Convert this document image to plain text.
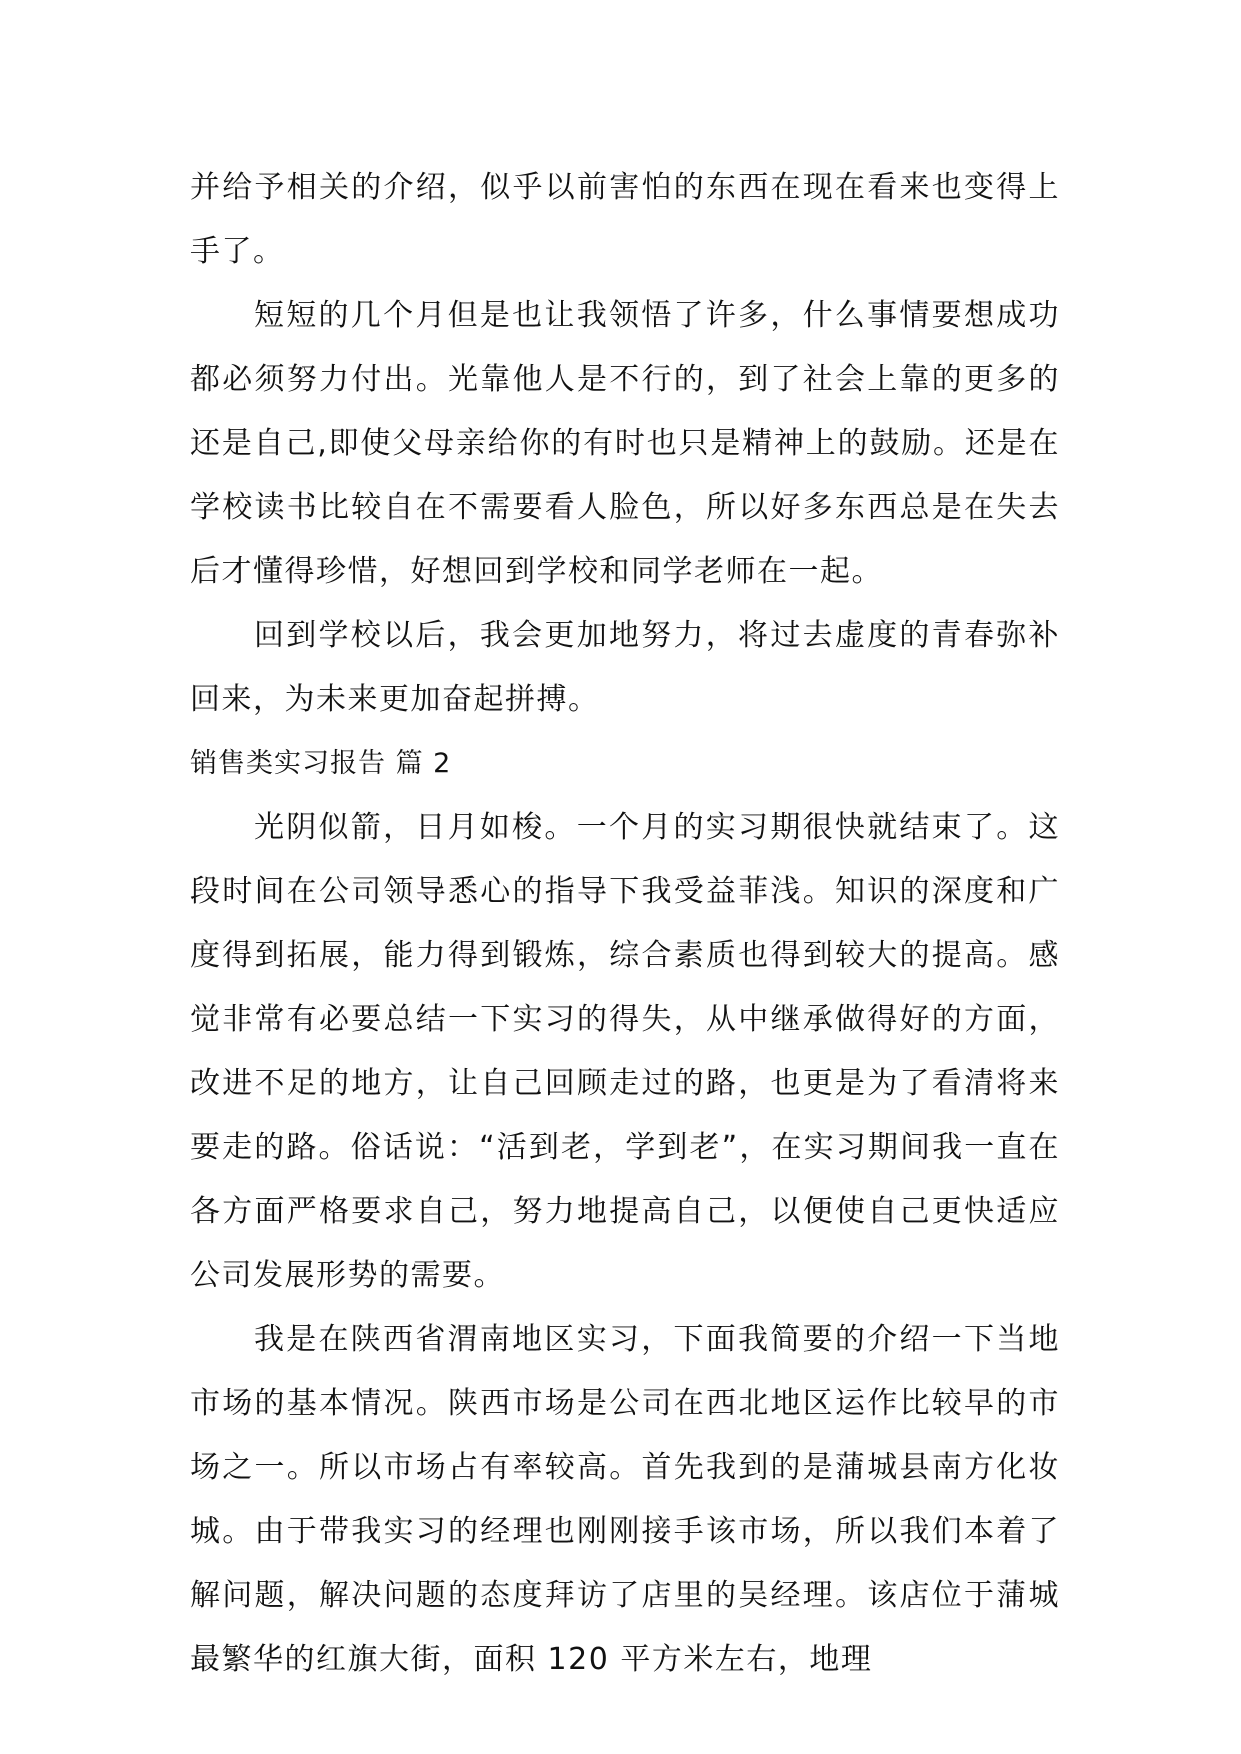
并给予相关的介绍，似乎以前害怕的东西在现在看来也变得上手了。

短短的几个月但是也让我领悟了许多，什么事情要想成功都必须努力付出。光靠他人是不行的，到了社会上靠的更多的还是自己,即使父母亲给你的有时也只是精神上的鼓励。还是在学校读书比较自在不需要看人脸色，所以好多东西总是在失去后才懂得珍惜，好想回到学校和同学老师在一起。

回到学校以后，我会更加地努力，将过去虚度的青春弥补回来，为未来更加奋起拼搏。

销售类实习报告 篇 2

光阴似箭，日月如梭。一个月的实习期很快就结束了。这段时间在公司领导悉心的指导下我受益菲浅。知识的深度和广度得到拓展，能力得到锻炼，综合素质也得到较大的提高。感觉非常有必要总结一下实习的得失，从中继承做得好的方面，改进不足的地方，让自己回顾走过的路，也更是为了看清将来要走的路。俗话说：“活到老，学到老”，在实习期间我一直在各方面严格要求自己，努力地提高自己，以便使自己更快适应公司发展形势的需要。

我是在陕西省渭南地区实习，下面我简要的介绍一下当地市场的基本情况。陕西市场是公司在西北地区运作比较早的市场之一。所以市场占有率较高。首先我到的是蒲城县南方化妆城。由于带我实习的经理也刚刚接手该市场，所以我们本着了解问题，解决问题的态度拜访了店里的吴经理。该店位于蒲城最繁华的红旗大街，面积 120 平方米左右，地理
